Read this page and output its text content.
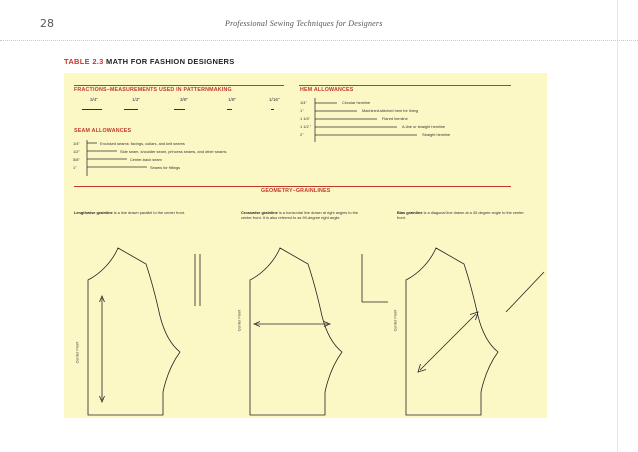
28	Professional Sewing Techniques for Designers
TABLE 2.3 MATH FOR FASHION DESIGNERS
FRACTIONS–MEASUREMENTS USED IN PATTERNMAKING
3/4"	1/2"	3/8"	1/8"	1/16"
SEAM ALLOWANCES
1/4"	Enclosed seams: facings, collars, and knit seams
1/2"	Side seam, shoulder seam, princess seams, and other seams
5/8"	Center-back seam
1"	Seams for fittings
HEM ALLOWANCES
1/4"	Circular hemline
1"	Machined-stitched hem for lining
1 1/4"	Flared hemline
1 1/2 "	A-line or straight hemline
2"	Straight hemline
GEOMETRY–GRAINLINES
Lengthwise grainline is a line drawn parallel to the center front.	Crosswise grainline is a horizontal line drawn at right angles to the center front. It is also referred to as 90-degree right angle.
Bias grainline is a diagonal line drawn at a 45 degree angle to the center front.
Center Front
Center Front	Center Front
